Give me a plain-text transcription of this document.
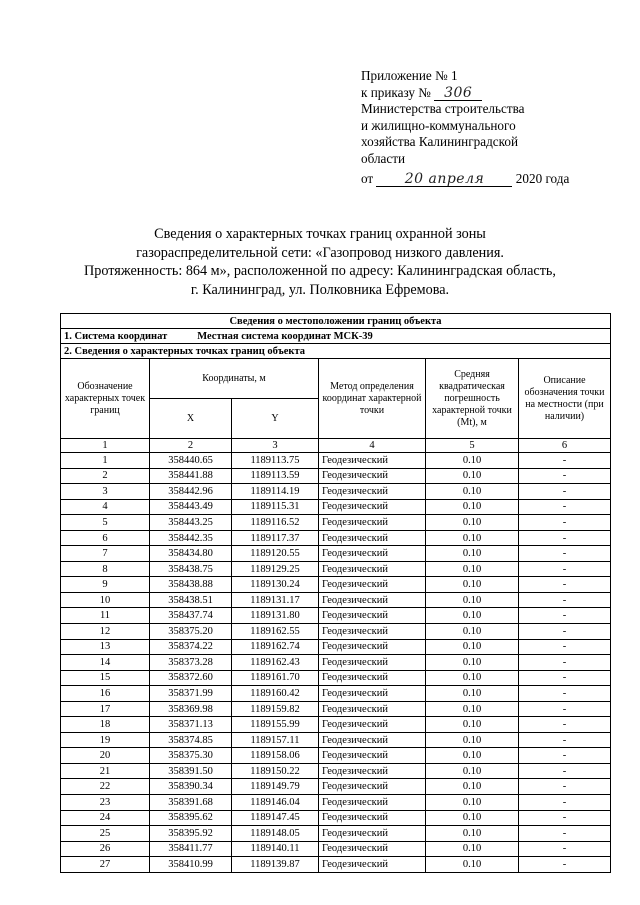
Приложение № 1
к приказу № 306
Министерства строительства
и жилищно-коммунального
хозяйства Калининградской
области
от 20 апреля 2020 года
Сведения о характерных точках границ охранной зоны
газораспределительной сети: «Газопровод низкого давления.
Протяженность: 864 м», расположенной по адресу: Калининградская область,
г. Калининград, ул. Полковника Ефремова.
Сведения о местоположении границ объекта					
1. Система координат Местная система координат МСК-39					
2. Сведения о характерных точках границ объекта					
Обозначение характерных точек границ	Координаты, м		Метод определения координат характерной точки	Средняя квадратическая погрешность характерной точки (Mt), м	Описание обозначения точки на местности (при наличии)
	X	Y			
1	2	3	4	5	6
1	358440.65	1189113.75	Геодезический	0.10	-
2	358441.88	1189113.59	Геодезический	0.10	-
3	358442.96	1189114.19	Геодезический	0.10	-
4	358443.49	1189115.31	Геодезический	0.10	-
5	358443.25	1189116.52	Геодезический	0.10	-
6	358442.35	1189117.37	Геодезический	0.10	-
7	358434.80	1189120.55	Геодезический	0.10	-
8	358438.75	1189129.25	Геодезический	0.10	-
9	358438.88	1189130.24	Геодезический	0.10	-
10	358438.51	1189131.17	Геодезический	0.10	-
11	358437.74	1189131.80	Геодезический	0.10	-
12	358375.20	1189162.55	Геодезический	0.10	-
13	358374.22	1189162.74	Геодезический	0.10	-
14	358373.28	1189162.43	Геодезический	0.10	-
15	358372.60	1189161.70	Геодезический	0.10	-
16	358371.99	1189160.42	Геодезический	0.10	-
17	358369.98	1189159.82	Геодезический	0.10	-
18	358371.13	1189155.99	Геодезический	0.10	-
19	358374.85	1189157.11	Геодезический	0.10	-
20	358375.30	1189158.06	Геодезический	0.10	-
21	358391.50	1189150.22	Геодезический	0.10	-
22	358390.34	1189149.79	Геодезический	0.10	-
23	358391.68	1189146.04	Геодезический	0.10	-
24	358395.62	1189147.45	Геодезический	0.10	-
25	358395.92	1189148.05	Геодезический	0.10	-
26	358411.77	1189140.11	Геодезический	0.10	-
27	358410.99	1189139.87	Геодезический	0.10	-
